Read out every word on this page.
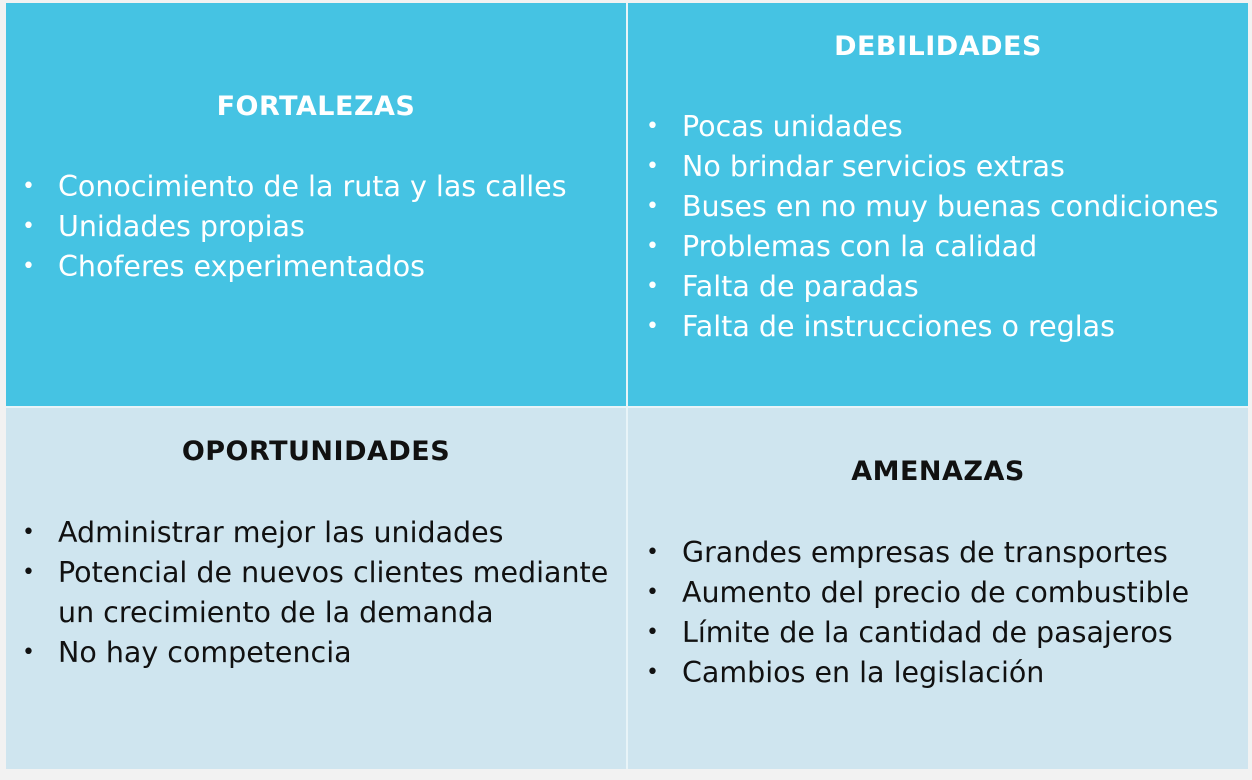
FORTALEZAS
• Conocimiento de la ruta y las calles
• Unidades propias
• Choferes experimentados
DEBILIDADES
• Pocas unidades
• No brindar servicios extras
• Buses en no muy buenas condiciones
• Problemas con la calidad
• Falta de paradas
• Falta de instrucciones o reglas
OPORTUNIDADES
• Administrar mejor las unidades
• Potencial de nuevos clientes mediante un crecimiento de la demanda
• No hay competencia
AMENAZAS
• Grandes empresas de transportes
• Aumento del precio de combustible
• Límite de la cantidad de pasajeros
• Cambios en la legislación
